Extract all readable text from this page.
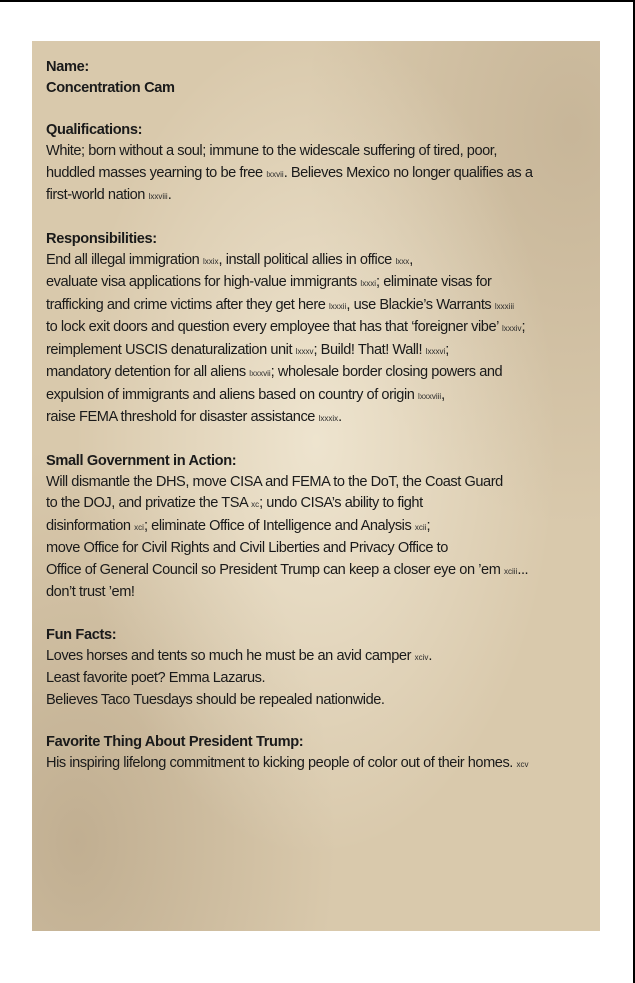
Name:
Concentration Cam
Qualifications:
White; born without a soul; immune to the widescale suffering of tired, poor,
huddled masses yearning to be free lxxvii. Believes Mexico no longer qualifies as a
first-world nation lxxviii.
Responsibilities:
End all illegal immigration lxxix, install political allies in office lxxx,
evaluate visa applications for high-value immigrants lxxxi; eliminate visas for
trafficking and crime victims after they get here lxxxii, use Blackie’s Warrants lxxxiii
to lock exit doors and question every employee that has that ‘foreigner vibe’ lxxxiv;
reimplement USCIS denaturalization unit lxxxv; Build! That! Wall! lxxxvi;
mandatory detention for all aliens lxxxvii; wholesale border closing powers and
expulsion of immigrants and aliens based on country of origin lxxxviii,
raise FEMA threshold for disaster assistance lxxxix.
Small Government in Action:
Will dismantle the DHS, move CISA and FEMA to the DoT, the Coast Guard
to the DOJ, and privatize the TSA xc; undo CISA’s ability to fight
disinformation xci; eliminate Office of Intelligence and Analysis xcii;
move Office for Civil Rights and Civil Liberties and Privacy Office to
Office of General Council so President Trump can keep a closer eye on ’em xciii...
don’t trust ’em!
Fun Facts:
Loves horses and tents so much he must be an avid camper xciv.
Least favorite poet? Emma Lazarus.
Believes Taco Tuesdays should be repealed nationwide.
Favorite Thing About President Trump:
His inspiring lifelong commitment to kicking people of color out of their homes. xcv
